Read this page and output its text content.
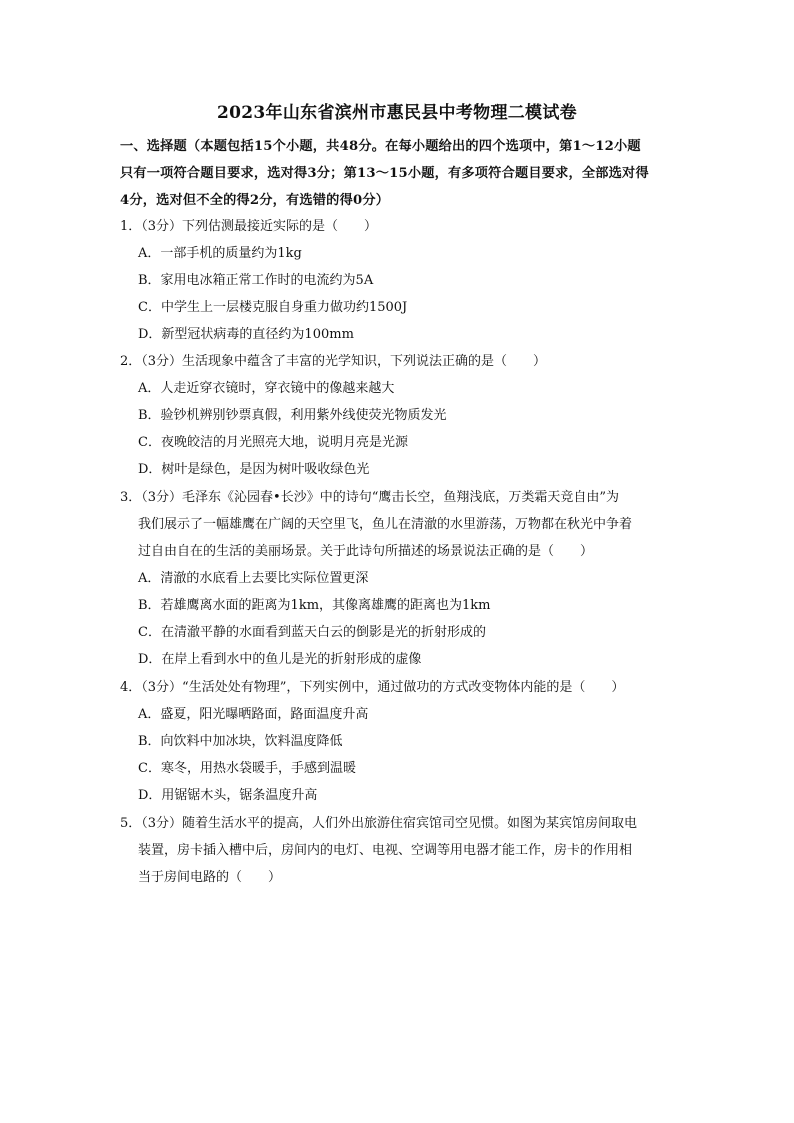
2023年山东省滨州市惠民县中考物理二模试卷
一、选择题（本题包括15个小题，共48分。在每小题给出的四个选项中，第1～12小题
只有一项符合题目要求，选对得3分；第13～15小题，有多项符合题目要求，全部选对得
4分，选对但不全的得2分，有选错的得0分）
1．（3分）下列估测最接近实际的是（　　）
A．一部手机的质量约为1kg
B．家用电冰箱正常工作时的电流约为5A
C．中学生上一层楼克服自身重力做功约1500J
D．新型冠状病毒的直径约为100mm
2．（3分）生活现象中蕴含了丰富的光学知识，下列说法正确的是（　　）
A．人走近穿衣镜时，穿衣镜中的像越来越大
B．验钞机辨别钞票真假，利用紫外线使荧光物质发光
C．夜晚皎洁的月光照亮大地，说明月亮是光源
D．树叶是绿色，是因为树叶吸收绿色光
3．（3分）毛泽东《沁园春•长沙》中的诗句“鹰击长空，鱼翔浅底，万类霜天竞自由”为
我们展示了一幅雄鹰在广阔的天空里飞，鱼儿在清澈的水里游荡，万物都在秋光中争着
过自由自在的生活的美丽场景。关于此诗句所描述的场景说法正确的是（　　）
A．清澈的水底看上去要比实际位置更深
B．若雄鹰离水面的距离为1km，其像离雄鹰的距离也为1km
C．在清澈平静的水面看到蓝天白云的倒影是光的折射形成的
D．在岸上看到水中的鱼儿是光的折射形成的虚像
4．（3分）“生活处处有物理”，下列实例中，通过做功的方式改变物体内能的是（　　）
A．盛夏，阳光曝晒路面，路面温度升高
B．向饮料中加冰块，饮料温度降低
C．寒冬，用热水袋暖手，手感到温暖
D．用锯锯木头，锯条温度升高
5．（3分）随着生活水平的提高，人们外出旅游住宿宾馆司空见惯。如图为某宾馆房间取电
装置，房卡插入槽中后，房间内的电灯、电视、空调等用电器才能工作，房卡的作用相
当于房间电路的（　　）
